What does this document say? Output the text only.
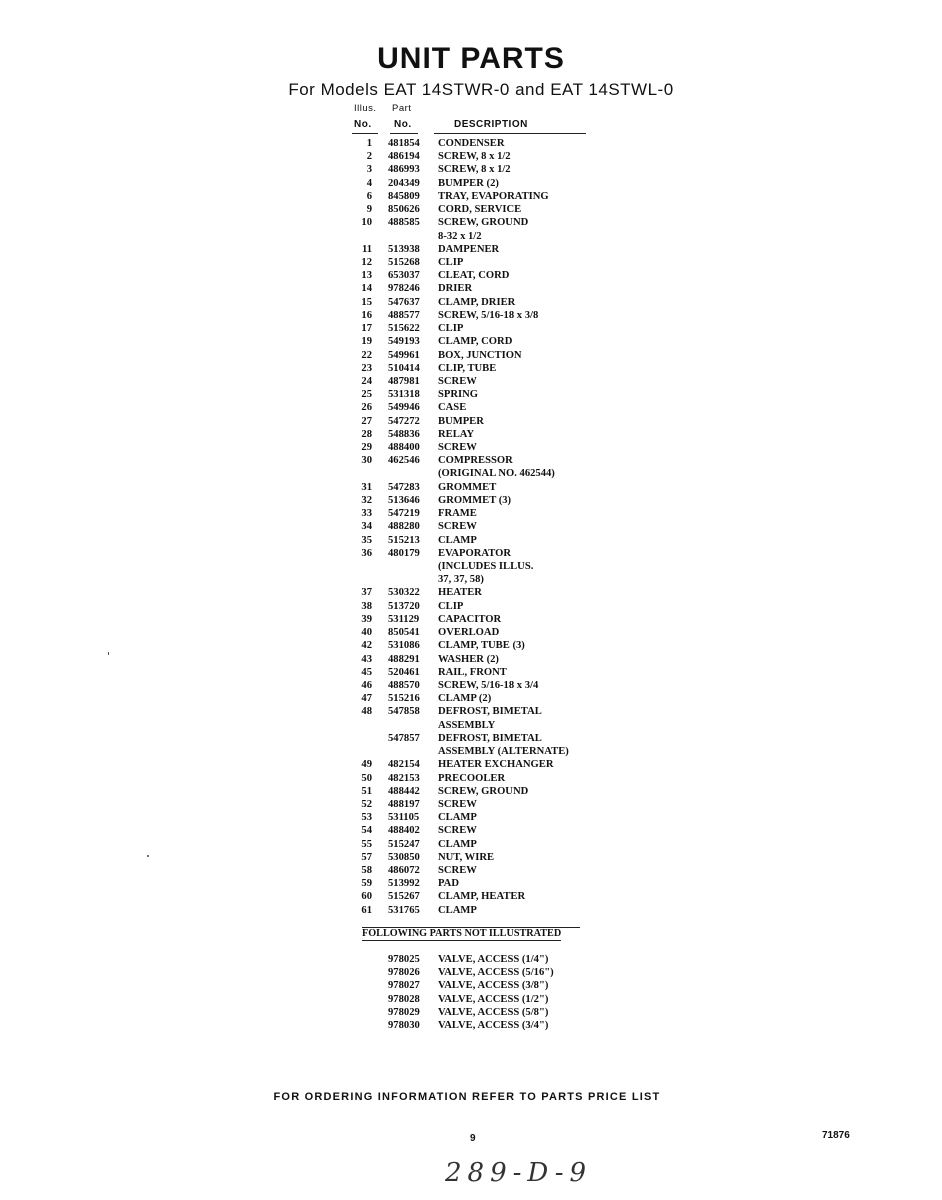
UNIT PARTS
For Models EAT 14STWR-0 and EAT 14STWL-0
Illus. Part
No. No.	DESCRIPTION
1 481854 CONDENSER
2 486194 SCREW, 8 x 1/2
3 486993 SCREW, 8 x 1/2
4 204349 BUMPER (2)
6 845809 TRAY, EVAPORATING
9 850626 CORD, SERVICE
10 488585 SCREW, GROUND
8-32 x 1/2
11 513938 DAMPENER
12 515268 CLIP
13 653037 CLEAT, CORD
14 978246 DRIER
15 547637 CLAMP, DRIER
16 488577 SCREW, 5/16-18 x 3/8
17 515622 CLIP
19 549193 CLAMP, CORD
22 549961 BOX, JUNCTION
23 510414 CLIP, TUBE
24 487981 SCREW
25 531318 SPRING
26 549946 CASE
27 547272 BUMPER
28 548836 RELAY
29 488400 SCREW
30 462546 COMPRESSOR
(ORIGINAL NO. 462544)
31 547283 GROMMET
32 513646 GROMMET (3)
33 547219 FRAME
34 488280 SCREW
35 515213 CLAMP
36 480179 EVAPORATOR
(INCLUDES ILLUS.
37, 37, 58)
37 530322 HEATER
38 513720 CLIP
39 531129 CAPACITOR
40 850541 OVERLOAD
42 531086 CLAMP, TUBE (3)
43 488291 WASHER (2)
45 520461 RAIL, FRONT
46 488570 SCREW, 5/16-18 x 3/4
47 515216 CLAMP (2)
48 547858 DEFROST, BIMETAL
ASSEMBLY
547857 DEFROST, BIMETAL
ASSEMBLY (ALTERNATE)
49 482154 HEATER EXCHANGER
50 482153 PRECOOLER
51 488442 SCREW, GROUND
52 488197 SCREW
53 531105 CLAMP
54 488402 SCREW
55 515247 CLAMP
57 530850 NUT, WIRE
58 486072 SCREW
59 513992 PAD
60 515267 CLAMP, HEATER
61 531765 CLAMP
FOLLOWING PARTS NOT ILLUSTRATED
978025 VALVE, ACCESS (1/4")
978026 VALVE, ACCESS (5/16")
978027 VALVE, ACCESS (3/8")
978028 VALVE, ACCESS (1/2")
978029 VALVE, ACCESS (5/8")
978030 VALVE, ACCESS (3/4")
FOR ORDERING INFORMATION REFER TO PARTS PRICE LIST
9	71876
289-D-9
